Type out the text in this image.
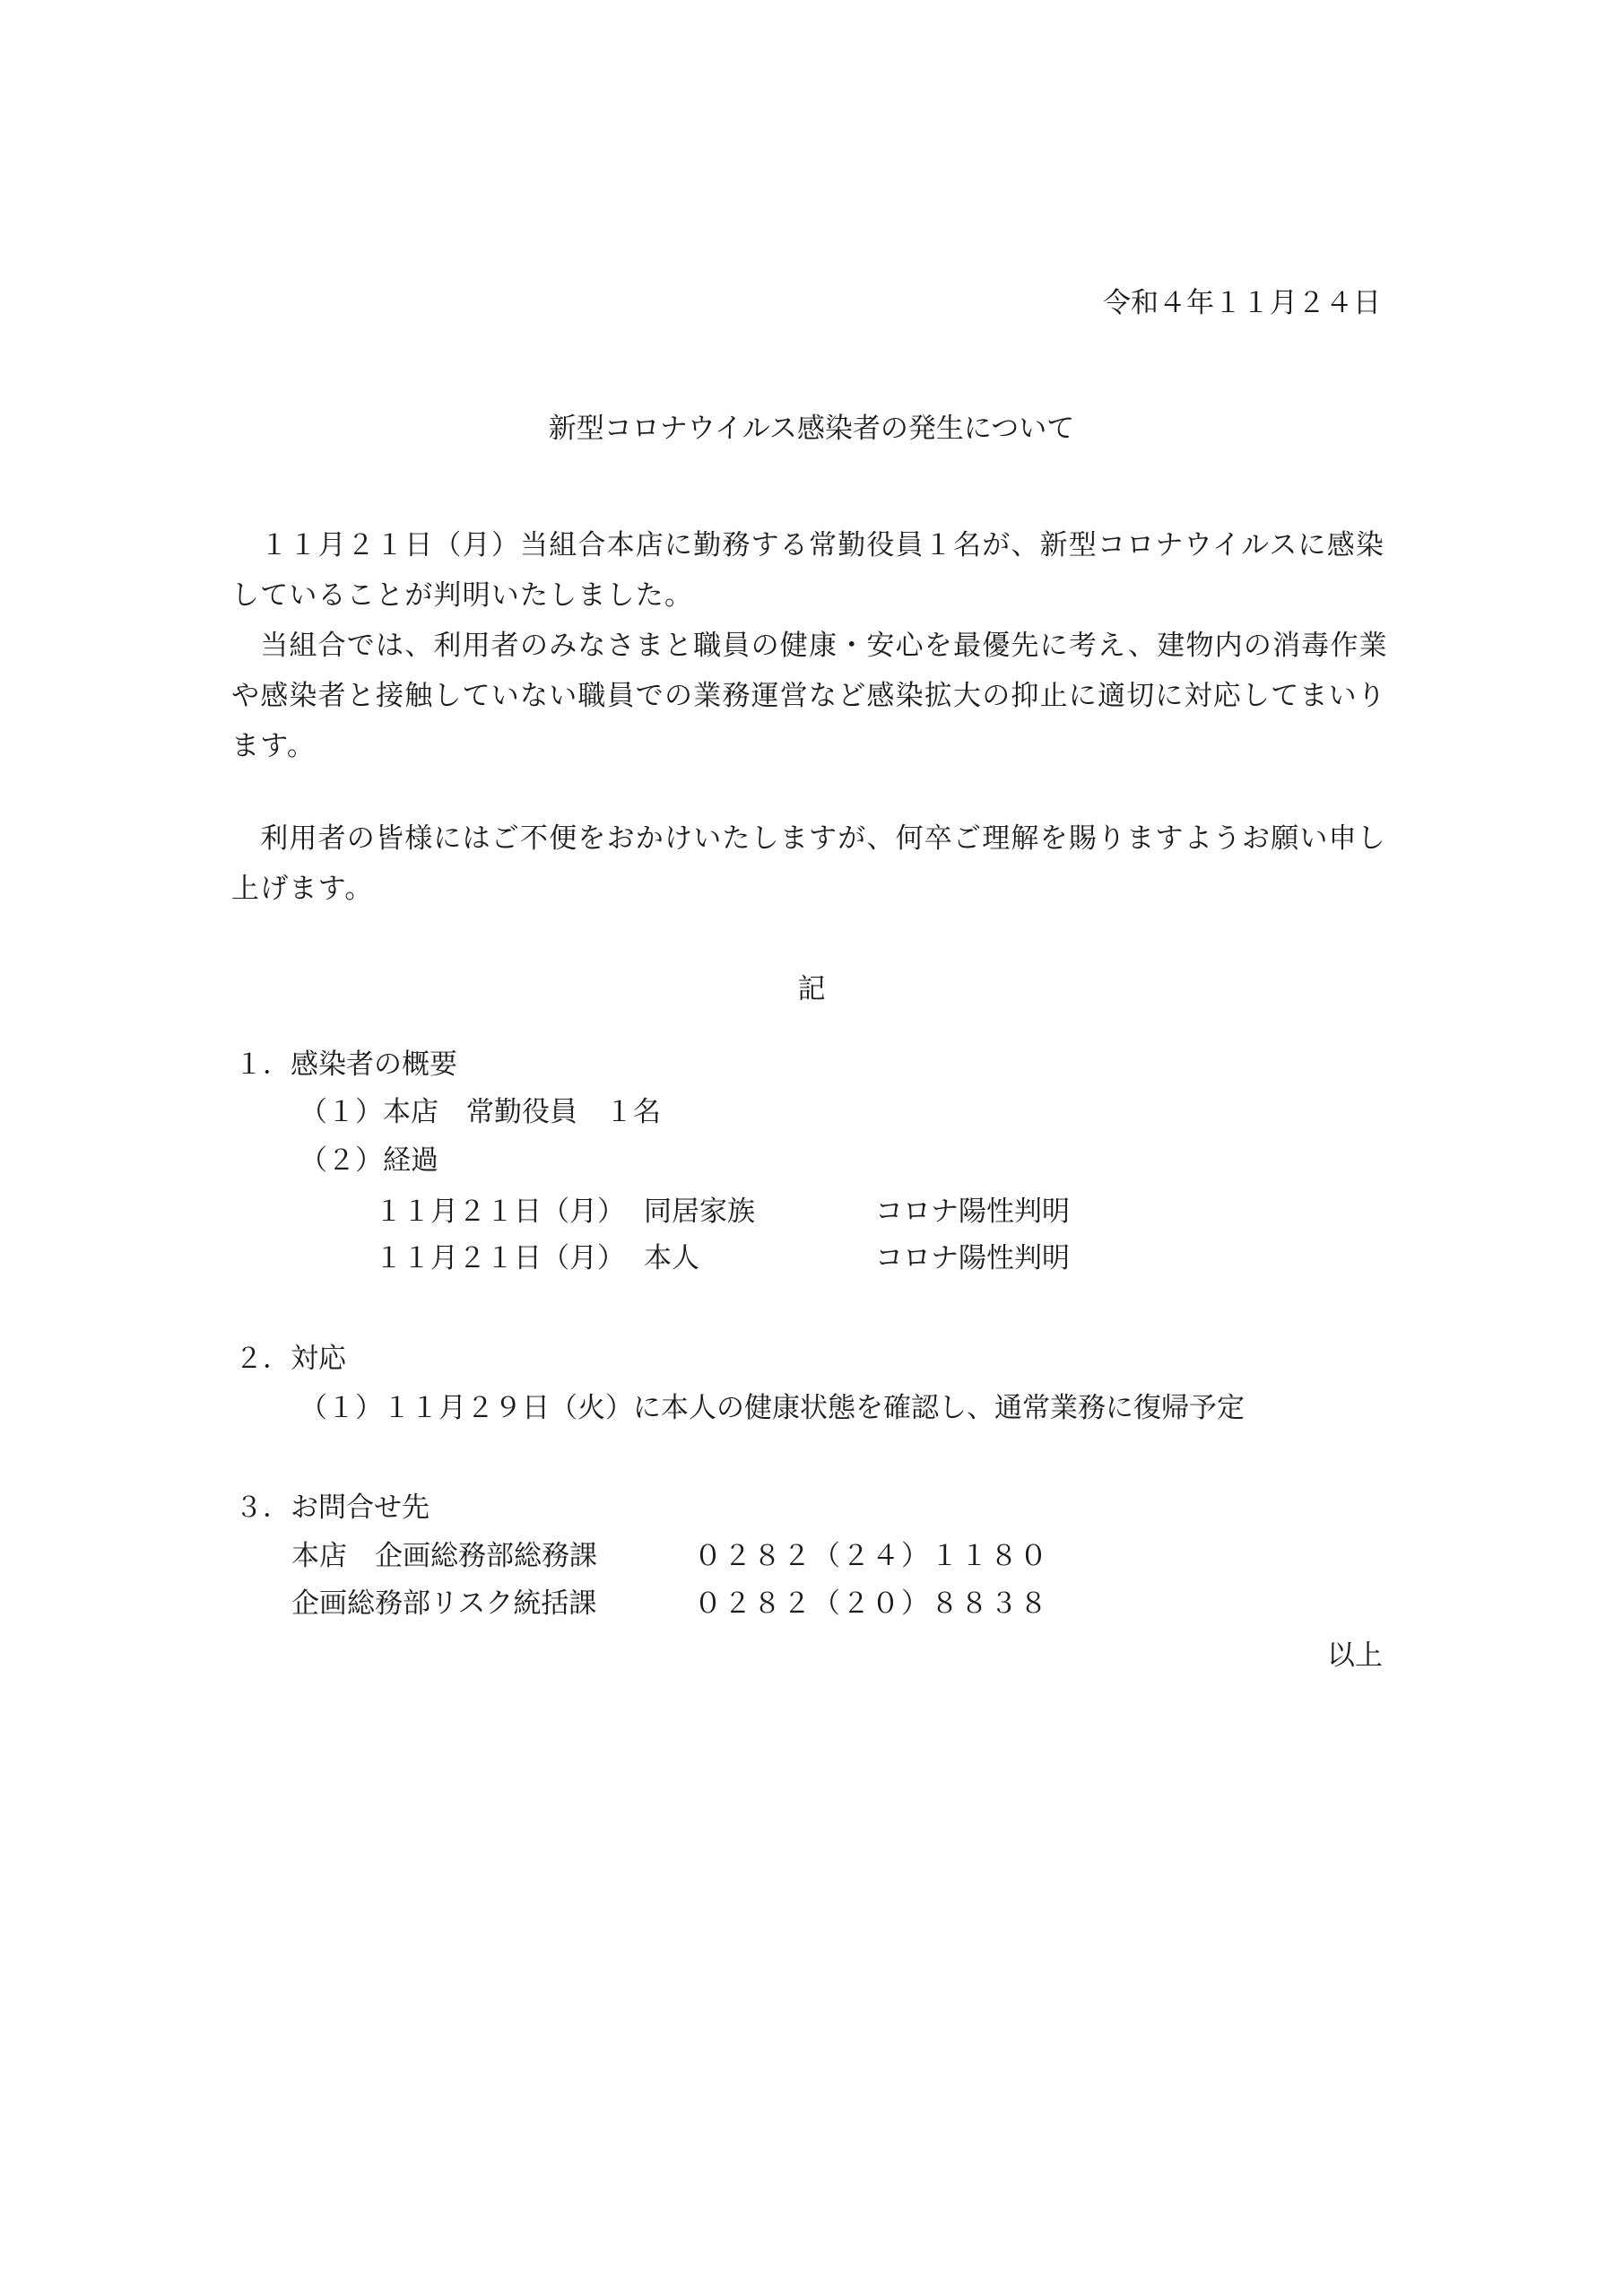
令和４年１１月２４日
新型コロナウイルス感染者の発生について
　１１月２１日（月）当組合本店に勤務する常勤役員１名が、新型コロナウイルスに感染していることが判明いたしました。
　当組合では、利用者のみなさまと職員の健康・安心を最優先に考え、建物内の消毒作業や感染者と接触していない職員での業務運営など感染拡大の抑止に適切に対応してまいります。
　利用者の皆様にはご不便をおかけいたしますが、何卒ご理解を賜りますようお願い申し上げます。
記
１．感染者の概要
（１）本店　常勤役員　１名
（２）経過
１１月２１日（月） 同居家族	コロナ陽性判明
１１月２１日（月） 本人	コロナ陽性判明
２．対応
（１）１１月２９日（火）に本人の健康状態を確認し、通常業務に復帰予定
３．お問合せ先
本店　企画総務部総務課	０２８２（２４）１１８０
企画総務部リスク統括課	０２８２（２０）８８３８
以上
